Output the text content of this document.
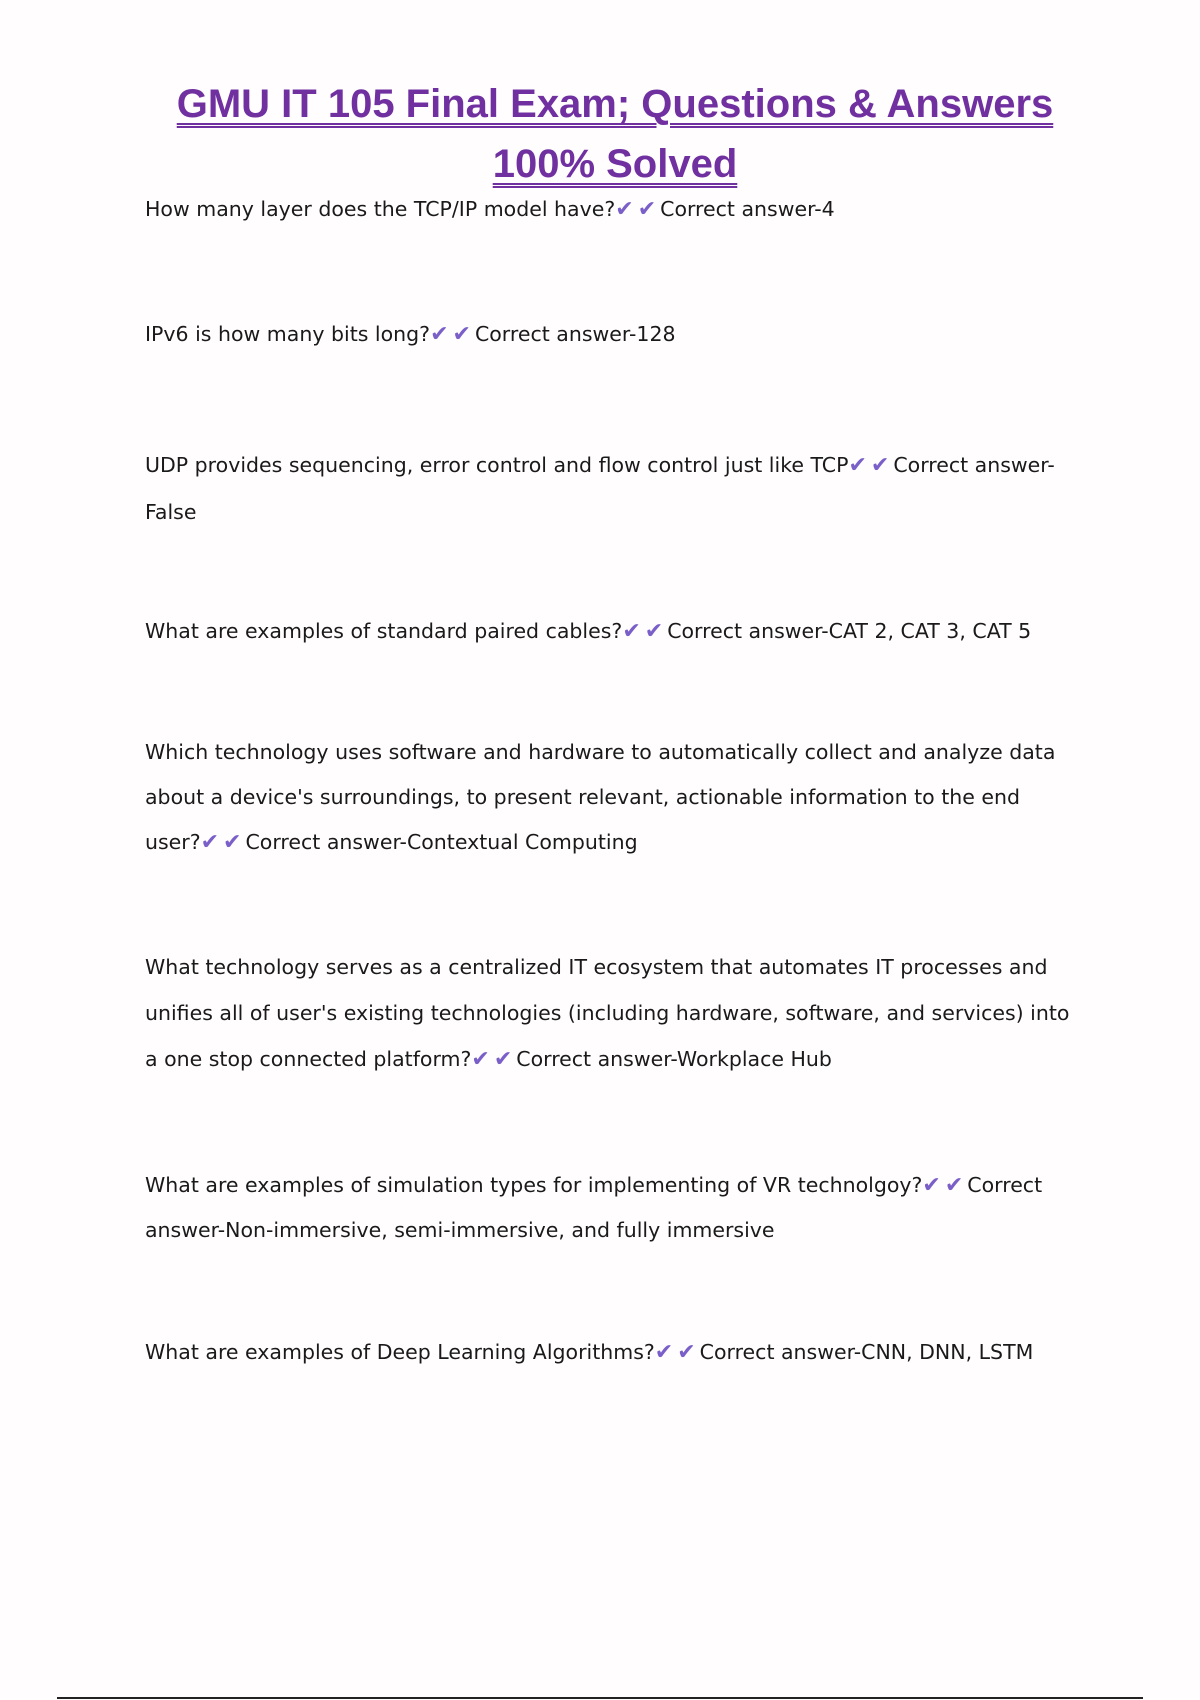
GMU IT 105 Final Exam; Questions & Answers
100% Solved

How many layer does the TCP/IP model have?✔ ✔ Correct answer-4

IPv6 is how many bits long?✔ ✔ Correct answer-128

UDP provides sequencing, error control and flow control just like TCP✔ ✔ Correct answer-False

What are examples of standard paired cables?✔ ✔ Correct answer-CAT 2, CAT 3, CAT 5

Which technology uses software and hardware to automatically collect and analyze data about a device's surroundings, to present relevant, actionable information to the end user?✔ ✔ Correct answer-Contextual Computing

What technology serves as a centralized IT ecosystem that automates IT processes and unifies all of user's existing technologies (including hardware, software, and services) into a one stop connected platform?✔ ✔ Correct answer-Workplace Hub

What are examples of simulation types for implementing of VR technolgoy?✔ ✔ Correct answer-Non-immersive, semi-immersive, and fully immersive

What are examples of Deep Learning Algorithms?✔ ✔ Correct answer-CNN, DNN, LSTM
